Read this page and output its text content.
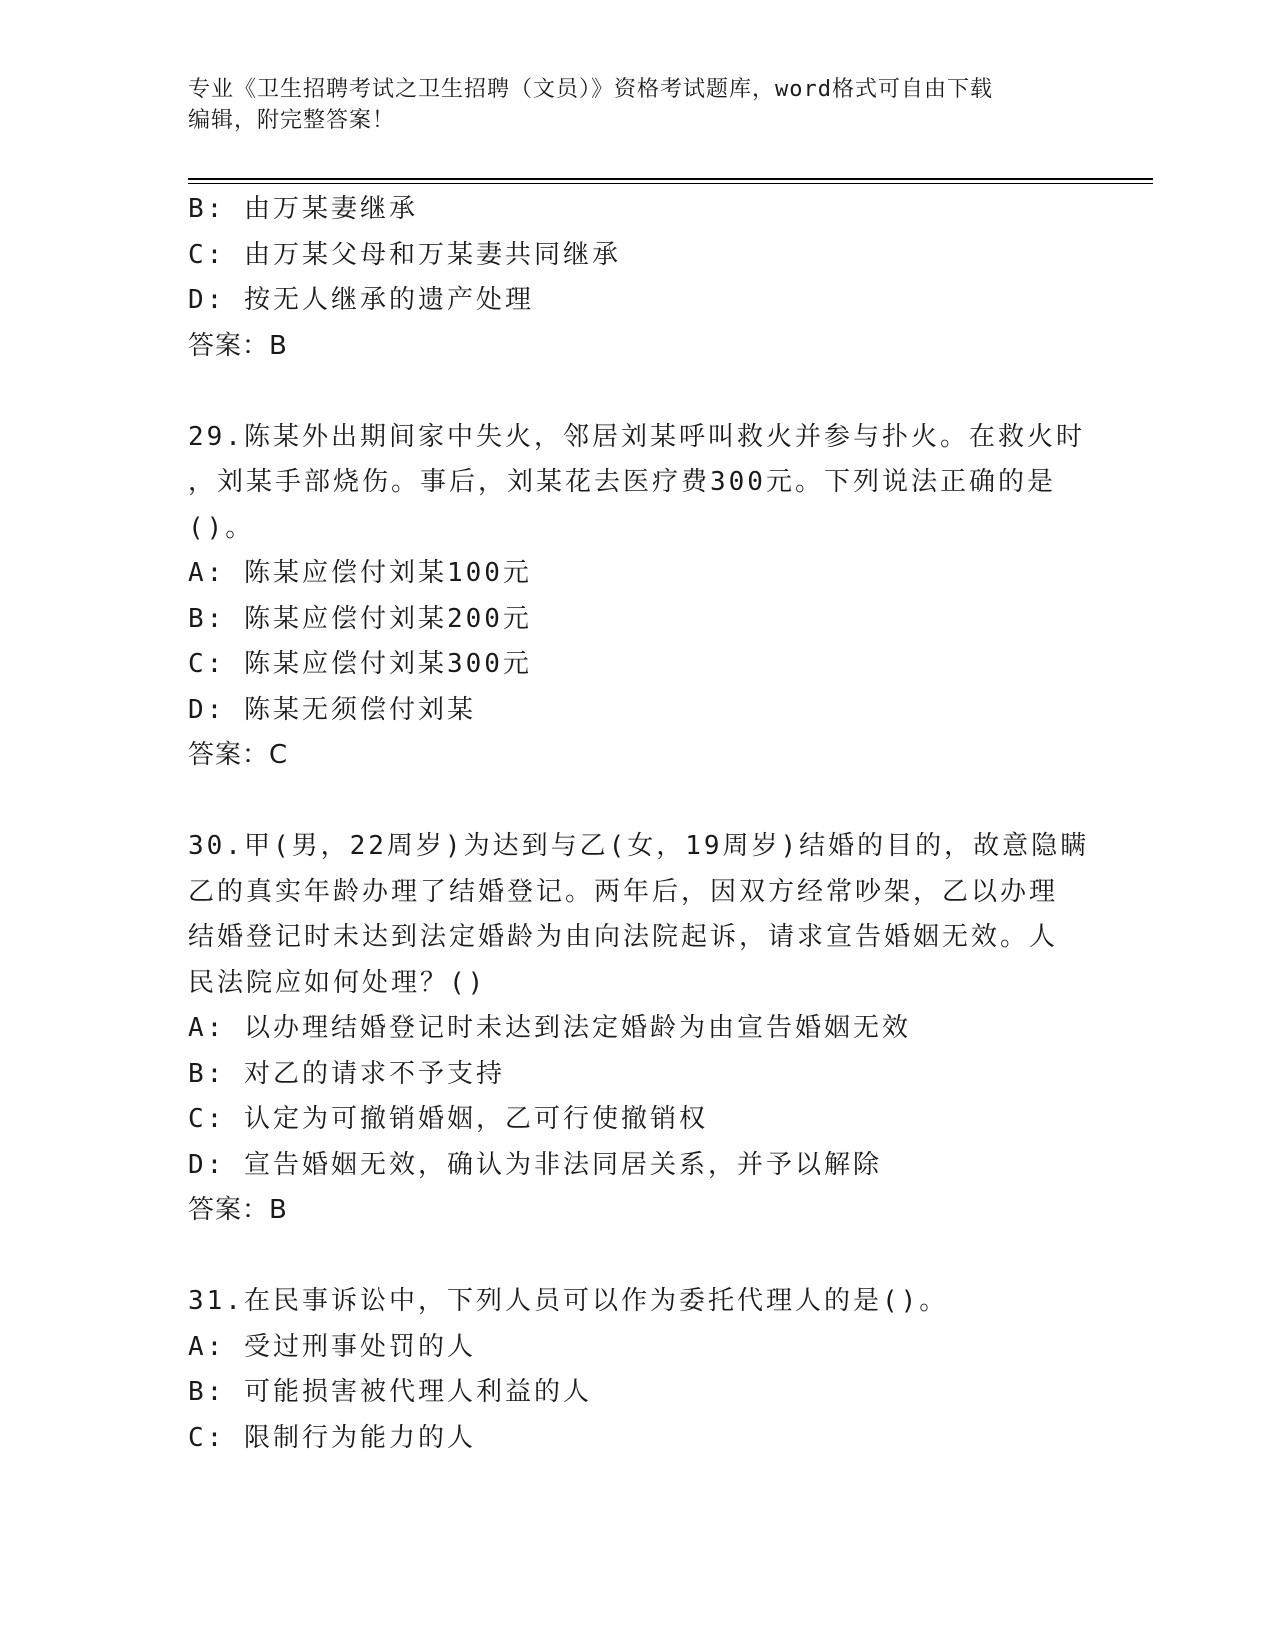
专业《卫生招聘考试之卫生招聘（文员）》资格考试题库，word格式可自由下载
编辑，附完整答案！
B: 由万某妻继承
C: 由万某父母和万某妻共同继承
D: 按无人继承的遗产处理
答案：B
29.陈某外出期间家中失火，邻居刘某呼叫救火并参与扑火。在救火时
，刘某手部烧伤。事后，刘某花去医疗费300元。下列说法正确的是
()。
A: 陈某应偿付刘某100元
B: 陈某应偿付刘某200元
C: 陈某应偿付刘某300元
D: 陈某无须偿付刘某
答案：C
30.甲(男，22周岁)为达到与乙(女，19周岁)结婚的目的，故意隐瞒
乙的真实年龄办理了结婚登记。两年后，因双方经常吵架，乙以办理
结婚登记时未达到法定婚龄为由向法院起诉，请求宣告婚姻无效。人
民法院应如何处理？()
A: 以办理结婚登记时未达到法定婚龄为由宣告婚姻无效
B: 对乙的请求不予支持
C: 认定为可撤销婚姻，乙可行使撤销权
D: 宣告婚姻无效，确认为非法同居关系，并予以解除
答案：B
31.在民事诉讼中，下列人员可以作为委托代理人的是()。
A: 受过刑事处罚的人
B: 可能损害被代理人利益的人
C: 限制行为能力的人
